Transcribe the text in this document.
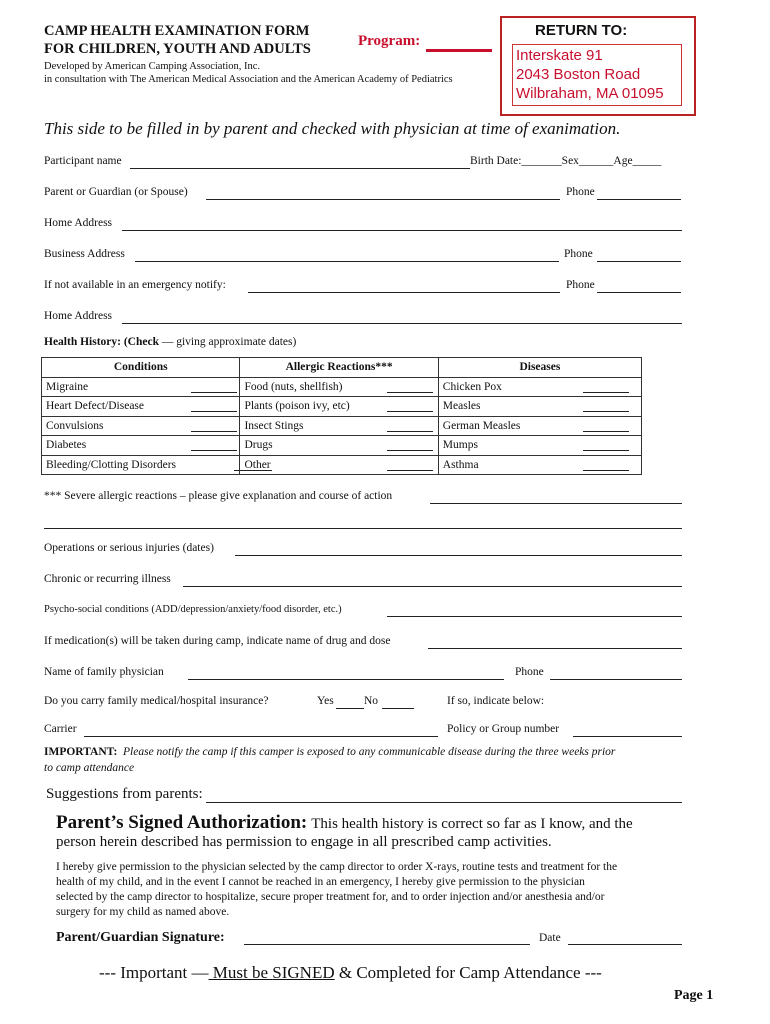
CAMP HEALTH EXAMINATION FORM
FOR CHILDREN, YOUTH AND ADULTS	Program:
Developed by American Camping Association, Inc.
in consultation with The American Medical Association and the American Academy of Pediatrics
RETURN TO:
Interskate 91
2043 Boston Road
Wilbraham, MA 01095
This side to be filled in by parent and checked with physician at time of exanimation.
Participant name	Birth Date:_______Sex______Age_____
Parent or Guardian (or Spouse)	Phone
Home Address
Business Address	Phone
If not available in an emergency notify:	Phone
Home Address
Health History: (Check — giving approximate dates)
Conditions	Allergic Reactions***	Diseases
Migraine	Food (nuts, shellfish)	Chicken Pox

Heart Defect/Disease	Plants (poison ivy, etc)	Measles

Convulsions	Insect Stings	German Measles

Diabetes	Drugs	Mumps

Bleeding/Clotting Disorders	Other	Asthma
*** Severe allergic reactions – please give explanation and course of action
Operations or serious injuries (dates)
Chronic or recurring illness
Psycho-social conditions (ADD/depression/anxiety/food disorder, etc.)
If medication(s) will be taken during camp, indicate name of drug and dose
Name of family physician	Phone
Do you carry family medical/hospital insurance?	Yes	No	If so, indicate below:
Carrier	Policy or Group number
IMPORTANT: Please notify the camp if this camper is exposed to any communicable disease during the three weeks prior
to camp attendance
Suggestions from parents:
Parent’s Signed Authorization: This health history is correct so far as I know, and the
person herein described has permission to engage in all prescribed camp activities.
I hereby give permission to the physician selected by the camp director to order X-rays, routine tests and treatment for the
health of my child, and in the event I cannot be reached in an emergency, I hereby give permission to the physician
selected by the camp director to hospitalize, secure proper treatment for, and to order injection and/or anesthesia and/or
surgery for my child as named above.
Parent/Guardian Signature:	Date
--- Important — Must be SIGNED & Completed for Camp Attendance ---
Page 1
